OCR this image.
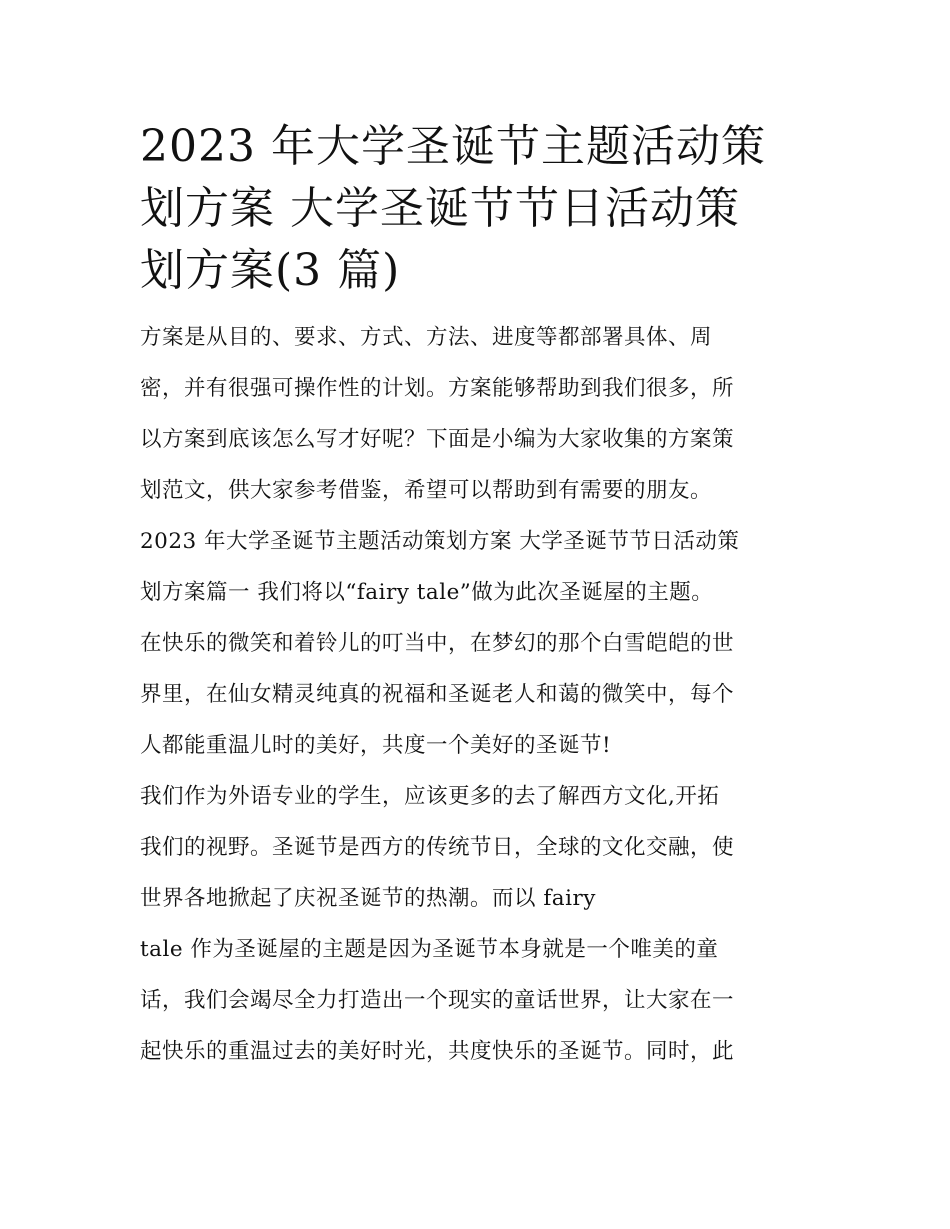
2023 年大学圣诞节主题活动策
划方案 大学圣诞节节日活动策
划方案(3 篇)

方案是从目的、要求、方式、方法、进度等都部署具体、周
密，并有很强可操作性的计划。方案能够帮助到我们很多，所
以方案到底该怎么写才好呢？下面是小编为大家收集的方案策
划范文，供大家参考借鉴，希望可以帮助到有需要的朋友。

2023 年大学圣诞节主题活动策划方案 大学圣诞节节日活动策
划方案篇一 我们将以“fairy tale”做为此次圣诞屋的主题。

在快乐的微笑和着铃儿的叮当中，在梦幻的那个白雪皑皑的世
界里，在仙女精灵纯真的祝福和圣诞老人和蔼的微笑中，每个
人都能重温儿时的美好，共度一个美好的圣诞节!

我们作为外语专业的学生，应该更多的去了解西方文化,开拓
我们的视野。圣诞节是西方的传统节日，全球的文化交融，使
世界各地掀起了庆祝圣诞节的热潮。而以 fairy

tale 作为圣诞屋的主题是因为圣诞节本身就是一个唯美的童
话，我们会竭尽全力打造出一个现实的童话世界，让大家在一
起快乐的重温过去的美好时光，共度快乐的圣诞节。同时，此
